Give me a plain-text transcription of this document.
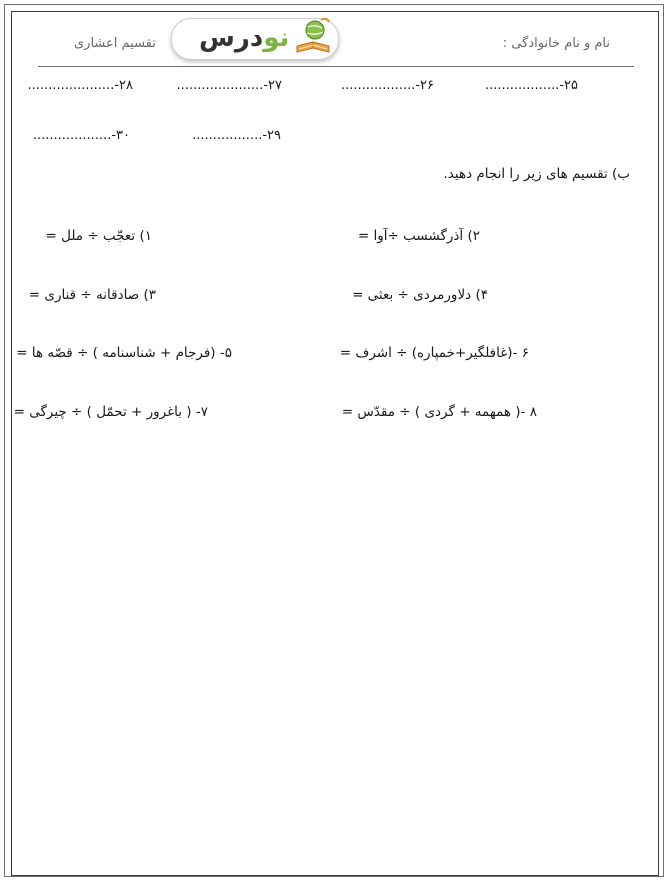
نام و نام خانوادگی :
تقسیم اعشاری	نودرس
۲۵-..................
۲۶-..................
۲۷-.....................
۲۸-.....................
۲۹-.................
۳۰-...................
ب) تقسیم های زیر را انجام دهید.
۱) تعجّب ÷ ملل =	۲) آذرگشسب ÷آوا =
۳) صادقانه ÷ قناری =	۴) دلاورمردی ÷ بعثی =
۵- (فرجام + شناسنامه ) ÷ قصّه ها =	۶ -(غافلگیر+خمپاره) ÷ اشرف =
۷- ( باغرور + تحمّل ) ÷ چیرگی =	۸ -( همهمه + گردی ) ÷ مقدّس =
